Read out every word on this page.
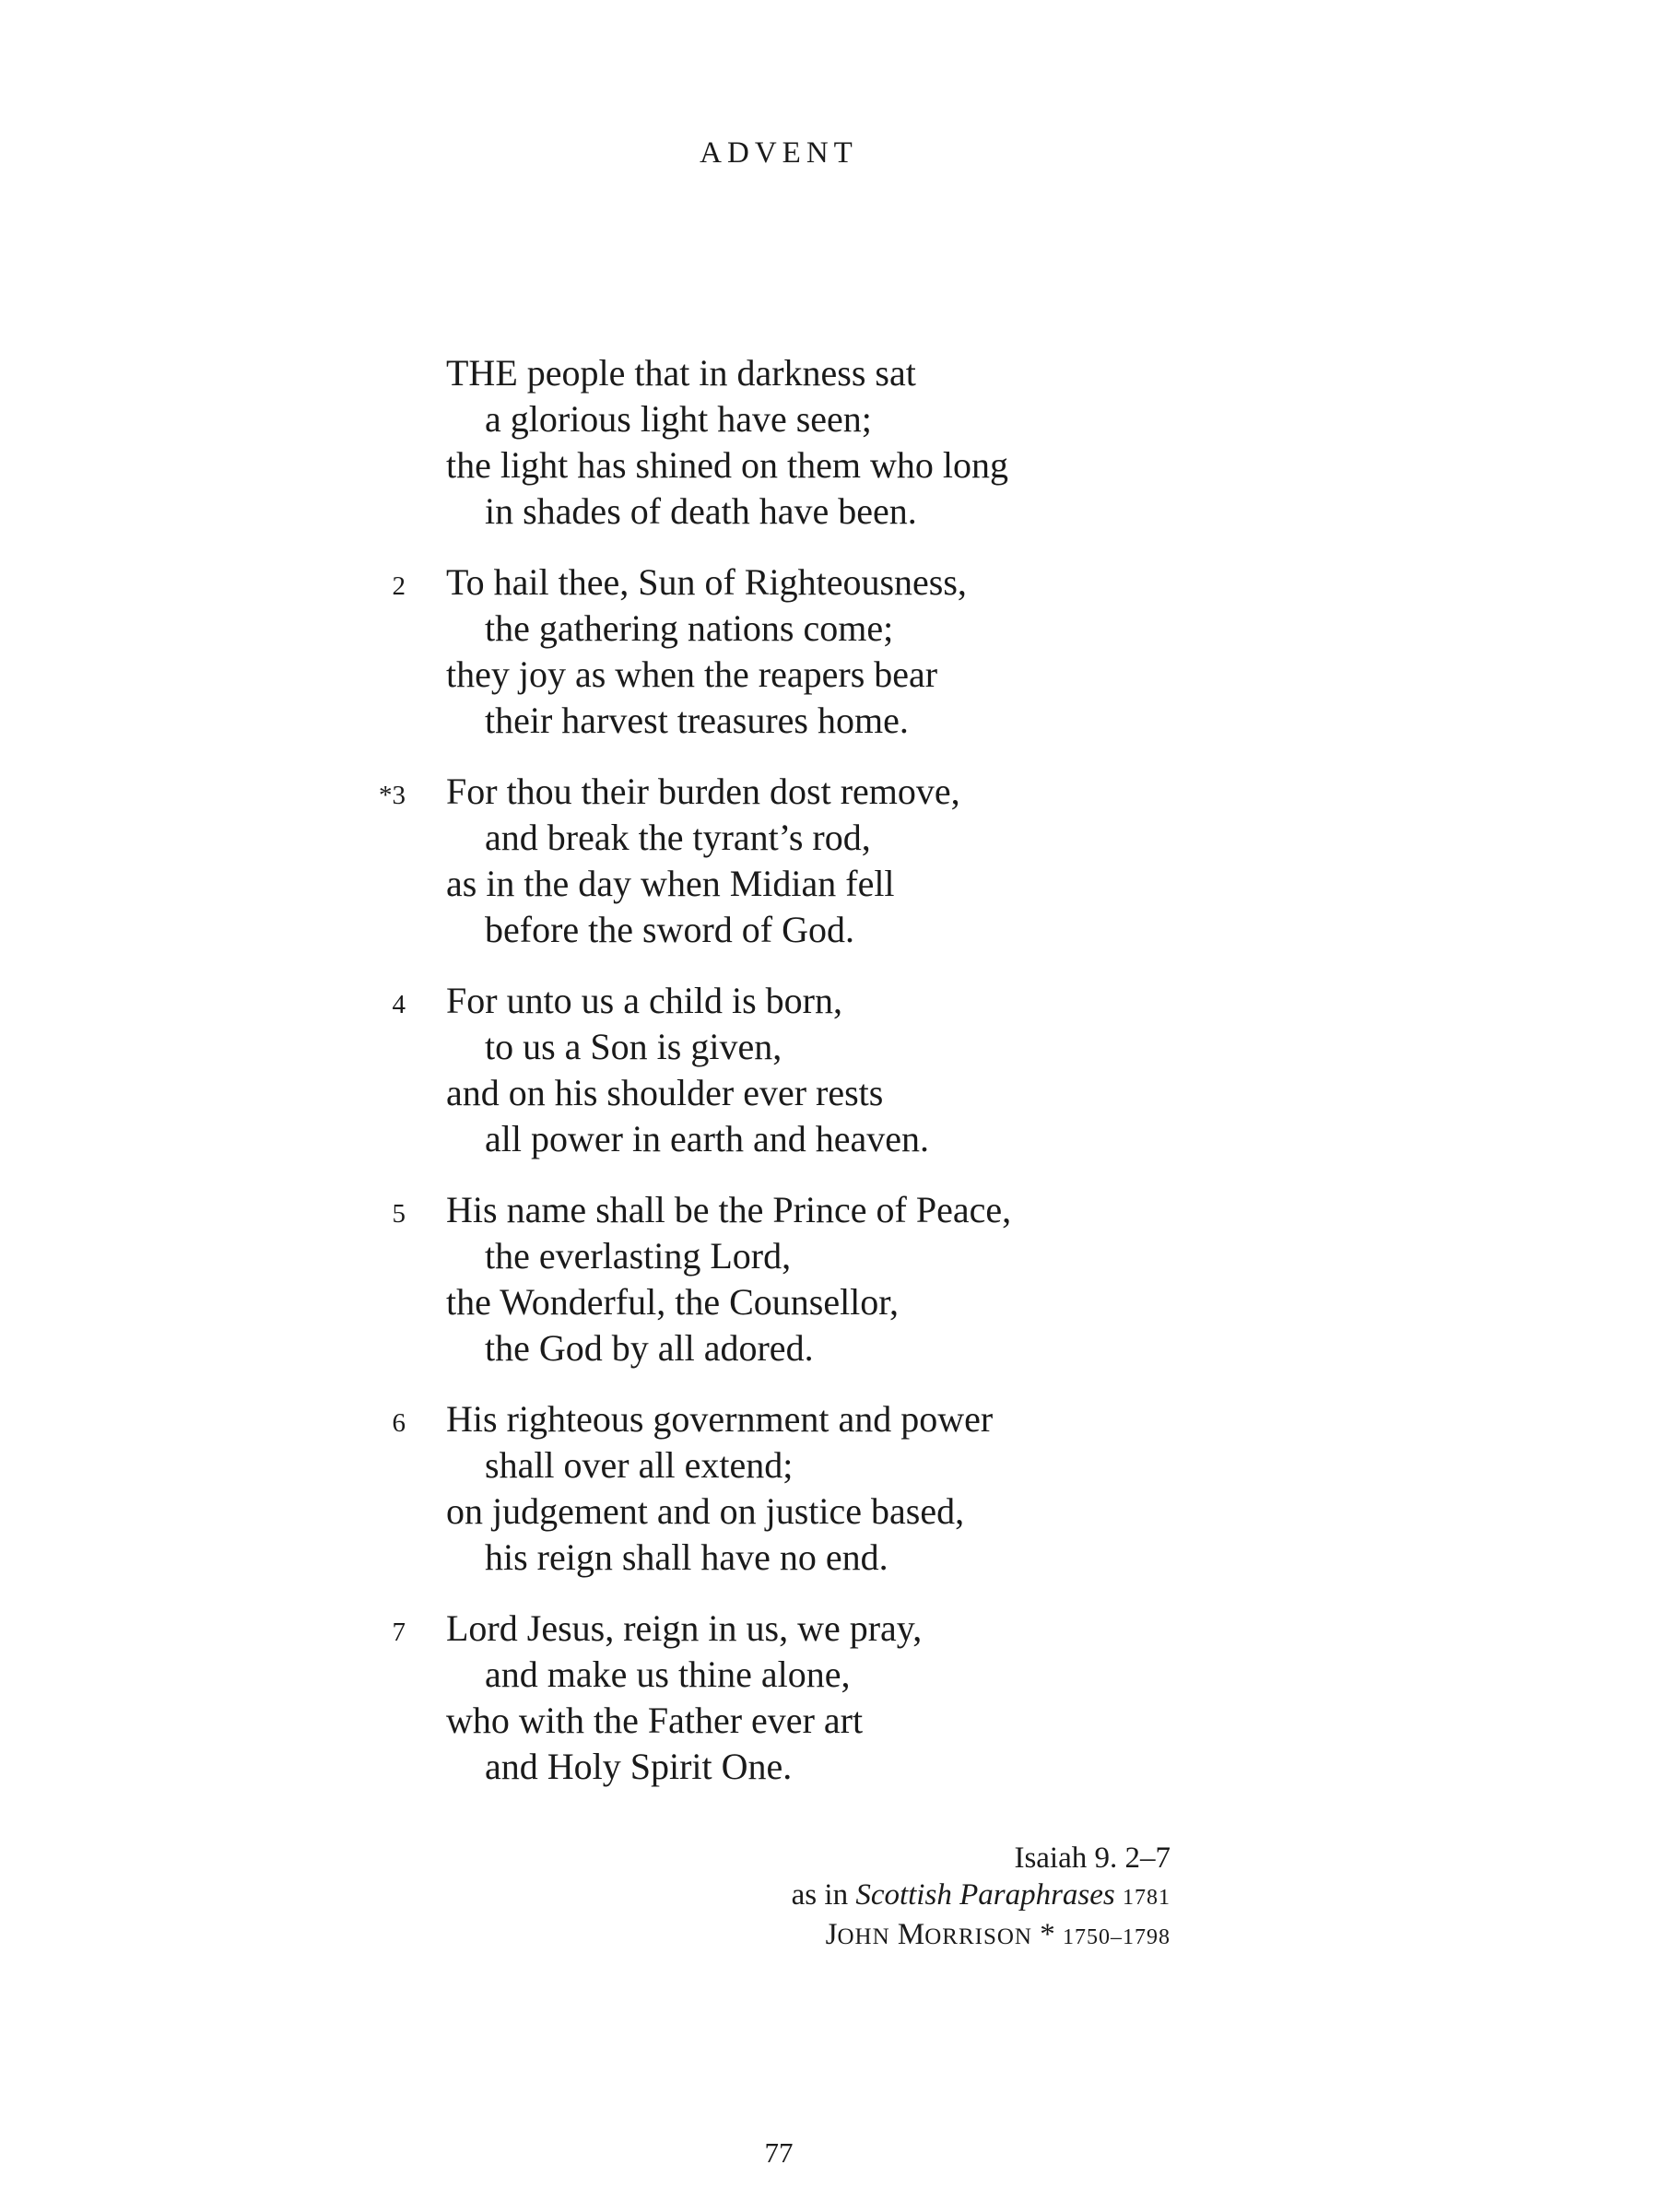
ADVENT
THE people that in darkness sat
a glorious light have seen;
the light has shined on them who long
in shades of death have been.
2	To hail thee, Sun of Righteousness,
the gathering nations come;
they joy as when the reapers bear
their harvest treasures home.
*3	For thou their burden dost remove,
and break the tyrant’s rod,
as in the day when Midian fell
before the sword of God.
4	For unto us a child is born,
to us a Son is given,
and on his shoulder ever rests
all power in earth and heaven.
5	His name shall be the Prince of Peace,
the everlasting Lord,
the Wonderful, the Counsellor,
the God by all adored.
6	His righteous government and power
shall over all extend;
on judgement and on justice based,
his reign shall have no end.
7	Lord Jesus, reign in us, we pray,
and make us thine alone,
who with the Father ever art
and Holy Spirit One.
Isaiah 9. 2–7
as in Scottish Paraphrases 1781
JOHN MORRISON * 1750–1798
77
